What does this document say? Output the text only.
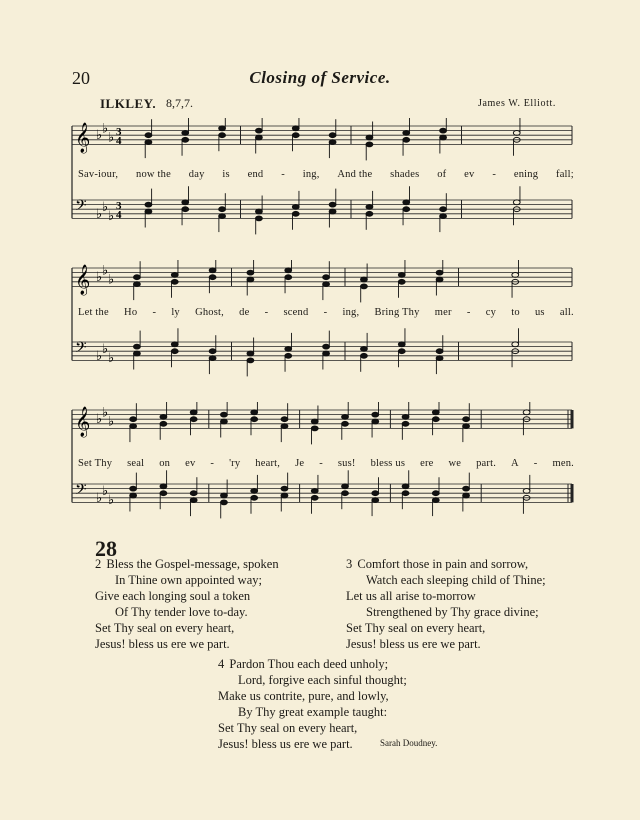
20	Closing of Service.
ILKLEY. 8,7,7.	James W. Elliott.
𝄞 ♭ ♭
♭ 3
4
𝄢 ♭ ♭
♭
3
4
Sav-iour, now the day is end - ing, And the shades of ev - ening fall;
𝄞 ♭ ♭
♭
𝄢 ♭ ♭
♭
Let the Ho - ly Ghost, de - scend - ing, Bring Thy mer - cy to us all.
𝄞 ♭ ♭
♭
𝄢 ♭ ♭
♭
Set Thy seal on ev - 'ry heart, Je - sus! bless us ere we part. A - men.
28
2 Bless the Gospel-message, spoken
In Thine own appointed way;
Give each longing soul a token
Of Thy tender love to-day.
Set Thy seal on every heart,
Jesus! bless us ere we part.
3 Comfort those in pain and sorrow,
Watch each sleeping child of Thine;
Let us all arise to-morrow
Strengthened by Thy grace divine;
Set Thy seal on every heart,
Jesus! bless us ere we part.
4 Pardon Thou each deed unholy;
Lord, forgive each sinful thought;
Make us contrite, pure, and lowly,
By Thy great example taught:
Set Thy seal on every heart,
Jesus! bless us ere we part.	Sarah Doudney.
